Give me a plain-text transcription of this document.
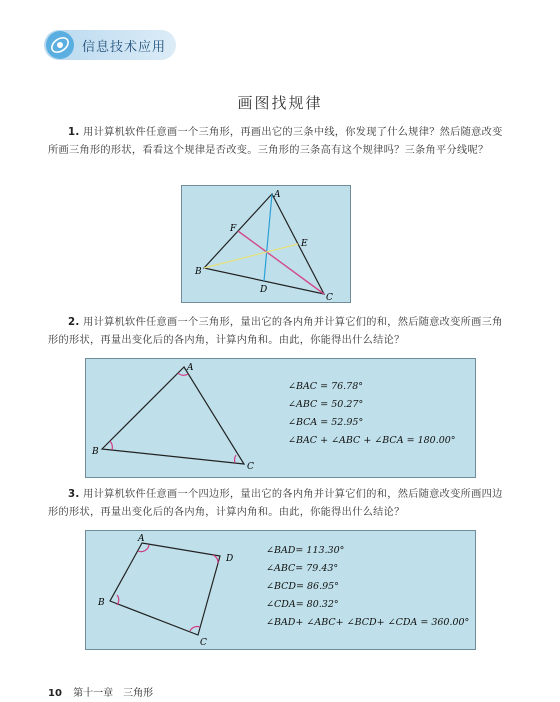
信息技术应用
画图找规律
1. 用计算机软件任意画一个三角形，再画出它的三条中线，你发现了什么规律？然后随意改变所画三角形的形状，看看这个规律是否改变。三角形的三条高有这个规律吗？三条角平分线呢？
A
B
C
D
E
F
2. 用计算机软件任意画一个三角形，量出它的各内角并计算它们的和，然后随意改变所画三角形的形状，再量出变化后的各内角，计算内角和。由此，你能得出什么结论？
A
B
C
∠BAC = 76.78°
∠ABC = 50.27°
∠BCA = 52.95°
∠BAC + ∠ABC + ∠BCA = 180.00°
3. 用计算机软件任意画一个四边形，量出它的各内角并计算它们的和，然后随意改变所画四边形的形状，再量出变化后的各内角，计算内角和。由此，你能得出什么结论？
A
B
C
D
∠BAD= 113.30°
∠ABC= 79.43°
∠BCD= 86.95°
∠CDA= 80.32°
∠BAD+ ∠ABC+ ∠BCD+ ∠CDA = 360.00°
10 第十一章　三角形
